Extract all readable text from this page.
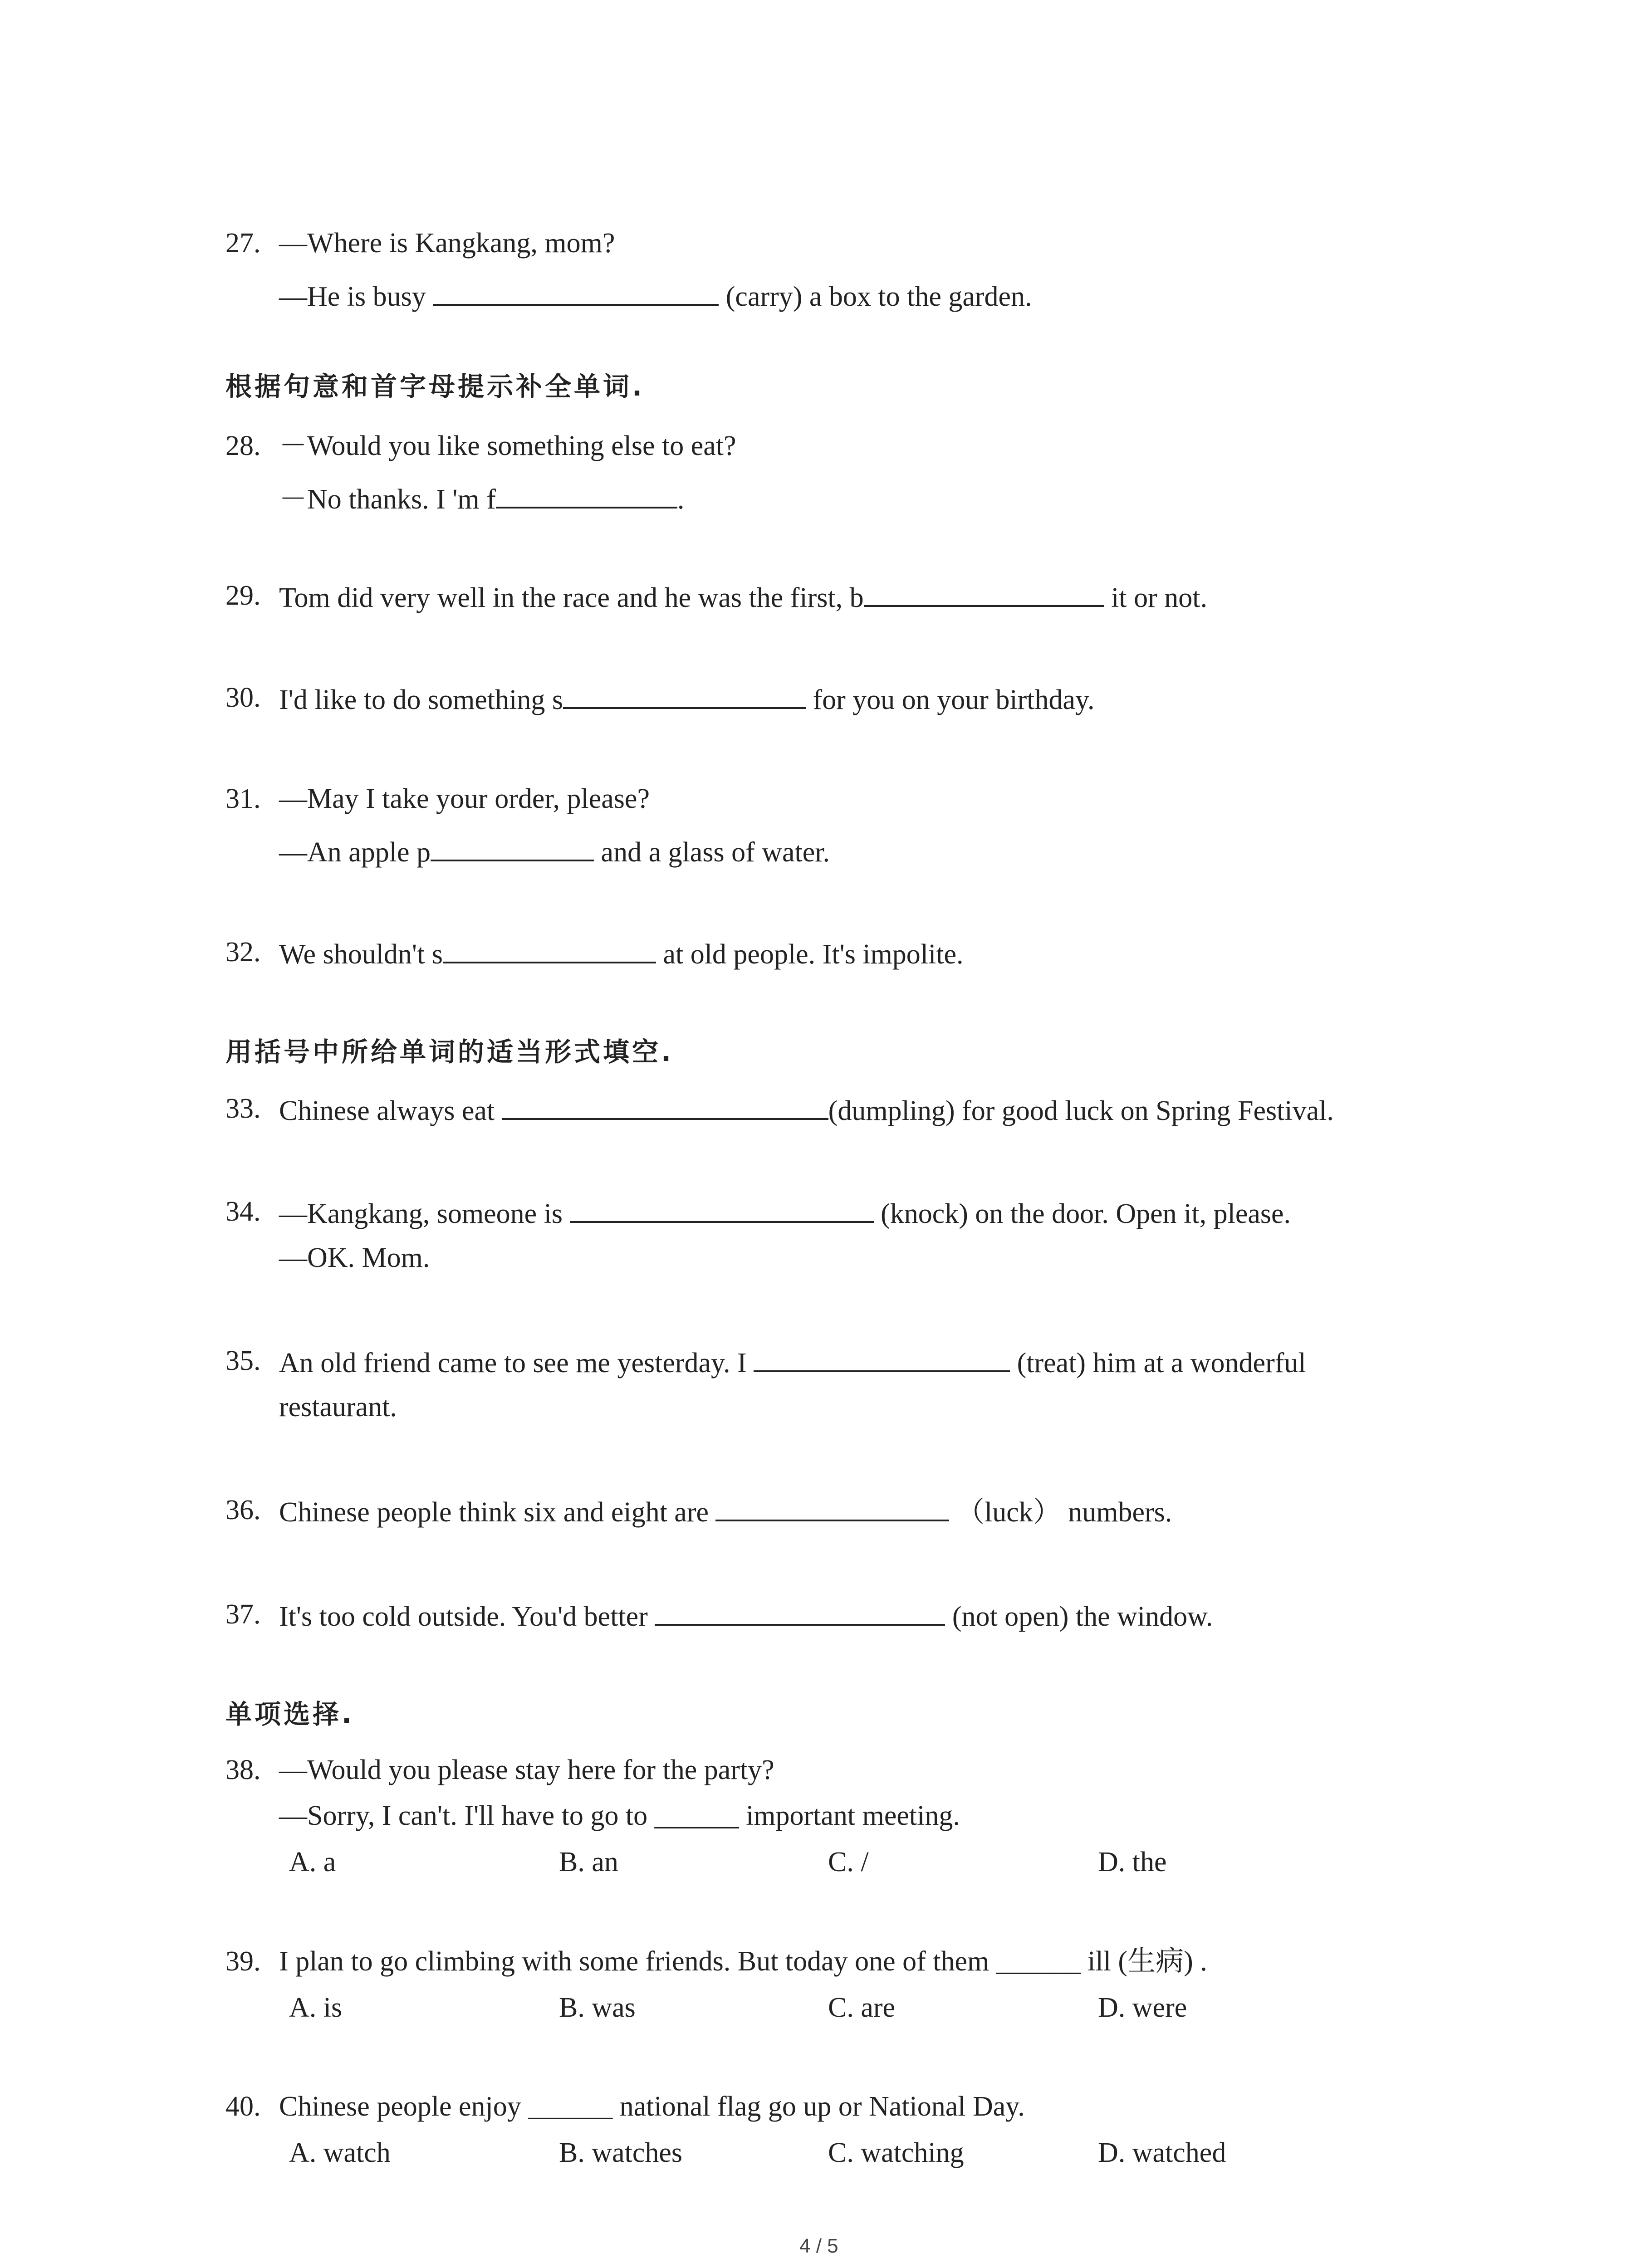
根据句意和首字母提示补全单词.
用括号中所给单词的适当形式填空.
单项选择.
27. —Where is Kangkang, mom?
—He is busy	(carry) a box to the garden.
28. －Would you like something else to eat?
－No thanks. I 'm f	.
29. Tom did very well in the race and he was the first, b	it or not.
30. I'd like to do something s	for you on your birthday.
31. —May I take your order, please?
—An apple p	and a glass of water.
32. We shouldn't s	at old people. It's impolite.
33. Chinese always eat	(dumpling) for good luck on Spring Festival.
34. —Kangkang, someone is	(knock) on the door. Open it, please.
—OK. Mom.
35. An old friend came to see me yesterday. I	(treat) him at a wonderful
restaurant.
36. Chinese people think six and eight are	（luck） numbers.
37. It's too cold outside. You'd better	(not open) the window.
38. —Would you please stay here for the party?
—Sorry, I can't. I'll have to go to ______ important meeting.
A. a	B. an	C. /	D. the
39. I plan to go climbing with some friends. But today one of them ______ ill (生病) .
A. is	B. was	C. are	D. were
40. Chinese people enjoy ______ national flag go up or National Day.
A. watch	B. watches	C. watching	D. watched
4 / 5
